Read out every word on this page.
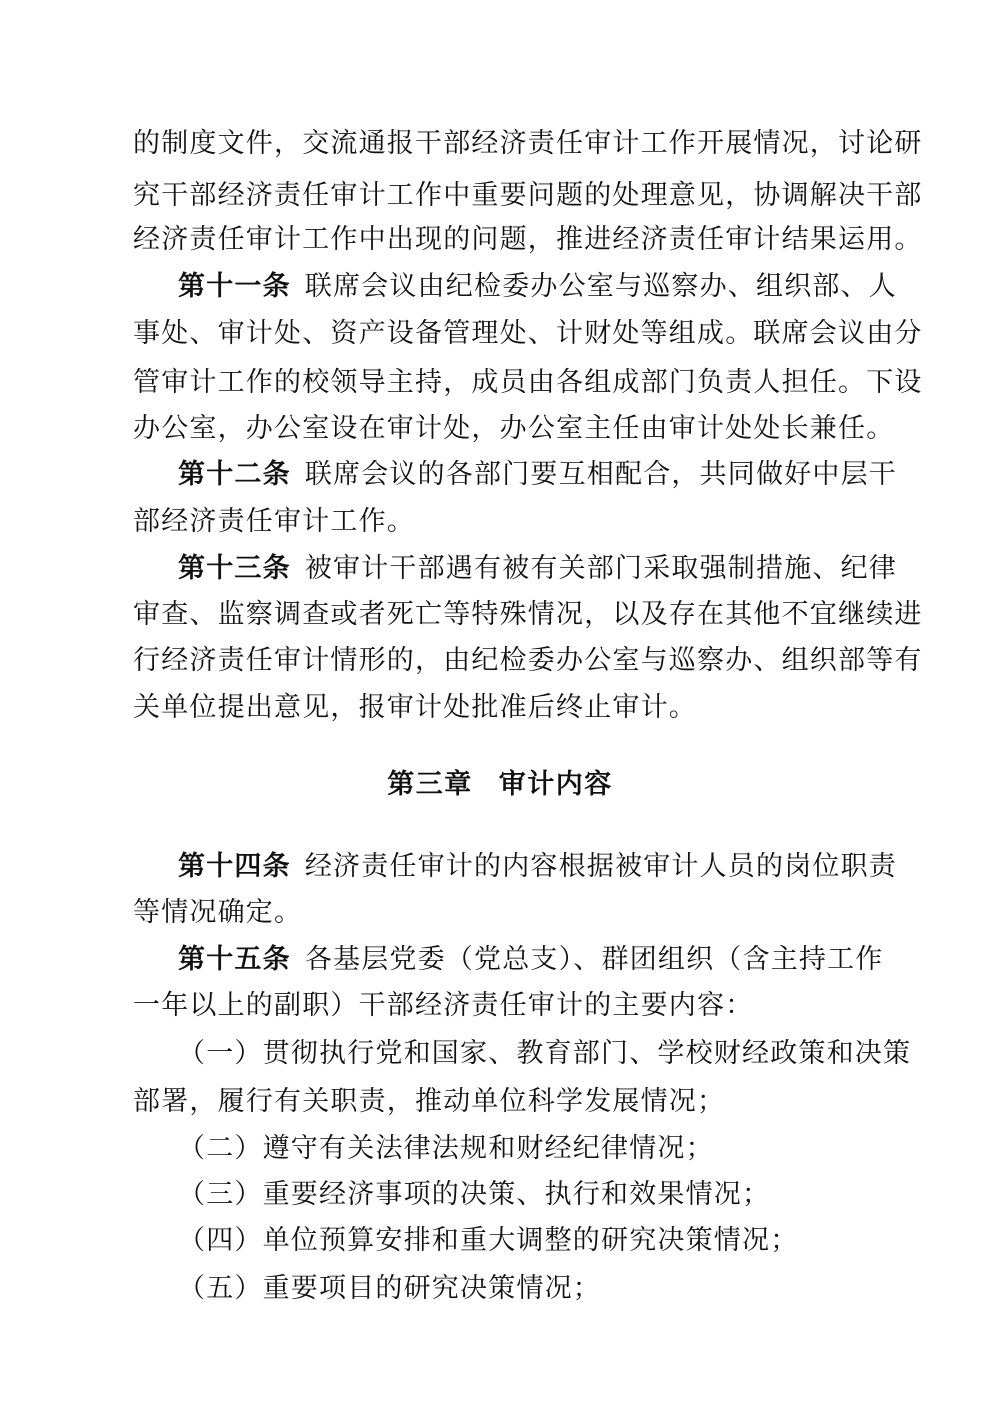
的制度文件，交流通报干部经济责任审计工作开展情况，讨论研

究干部经济责任审计工作中重要问题的处理意见，协调解决干部

经济责任审计工作中出现的问题，推进经济责任审计结果运用。

第十一条 联席会议由纪检委办公室与巡察办、组织部、人

事处、审计处、资产设备管理处、计财处等组成。联席会议由分

管审计工作的校领导主持，成员由各组成部门负责人担任。下设

办公室，办公室设在审计处，办公室主任由审计处处长兼任。

第十二条 联席会议的各部门要互相配合，共同做好中层干

部经济责任审计工作。

第十三条 被审计干部遇有被有关部门采取强制措施、纪律

审查、监察调查或者死亡等特殊情况，以及存在其他不宜继续进

行经济责任审计情形的，由纪检委办公室与巡察办、组织部等有

关单位提出意见，报审计处批准后终止审计。

第三章 审计内容

第十四条 经济责任审计的内容根据被审计人员的岗位职责

等情况确定。

第十五条 各基层党委（党总支）、群团组织（含主持工作

一年以上的副职）干部经济责任审计的主要内容：

（一）贯彻执行党和国家、教育部门、学校财经政策和决策

部署，履行有关职责，推动单位科学发展情况；

（二）遵守有关法律法规和财经纪律情况；

（三）重要经济事项的决策、执行和效果情况；

（四）单位预算安排和重大调整的研究决策情况；

（五）重要项目的研究决策情况；
